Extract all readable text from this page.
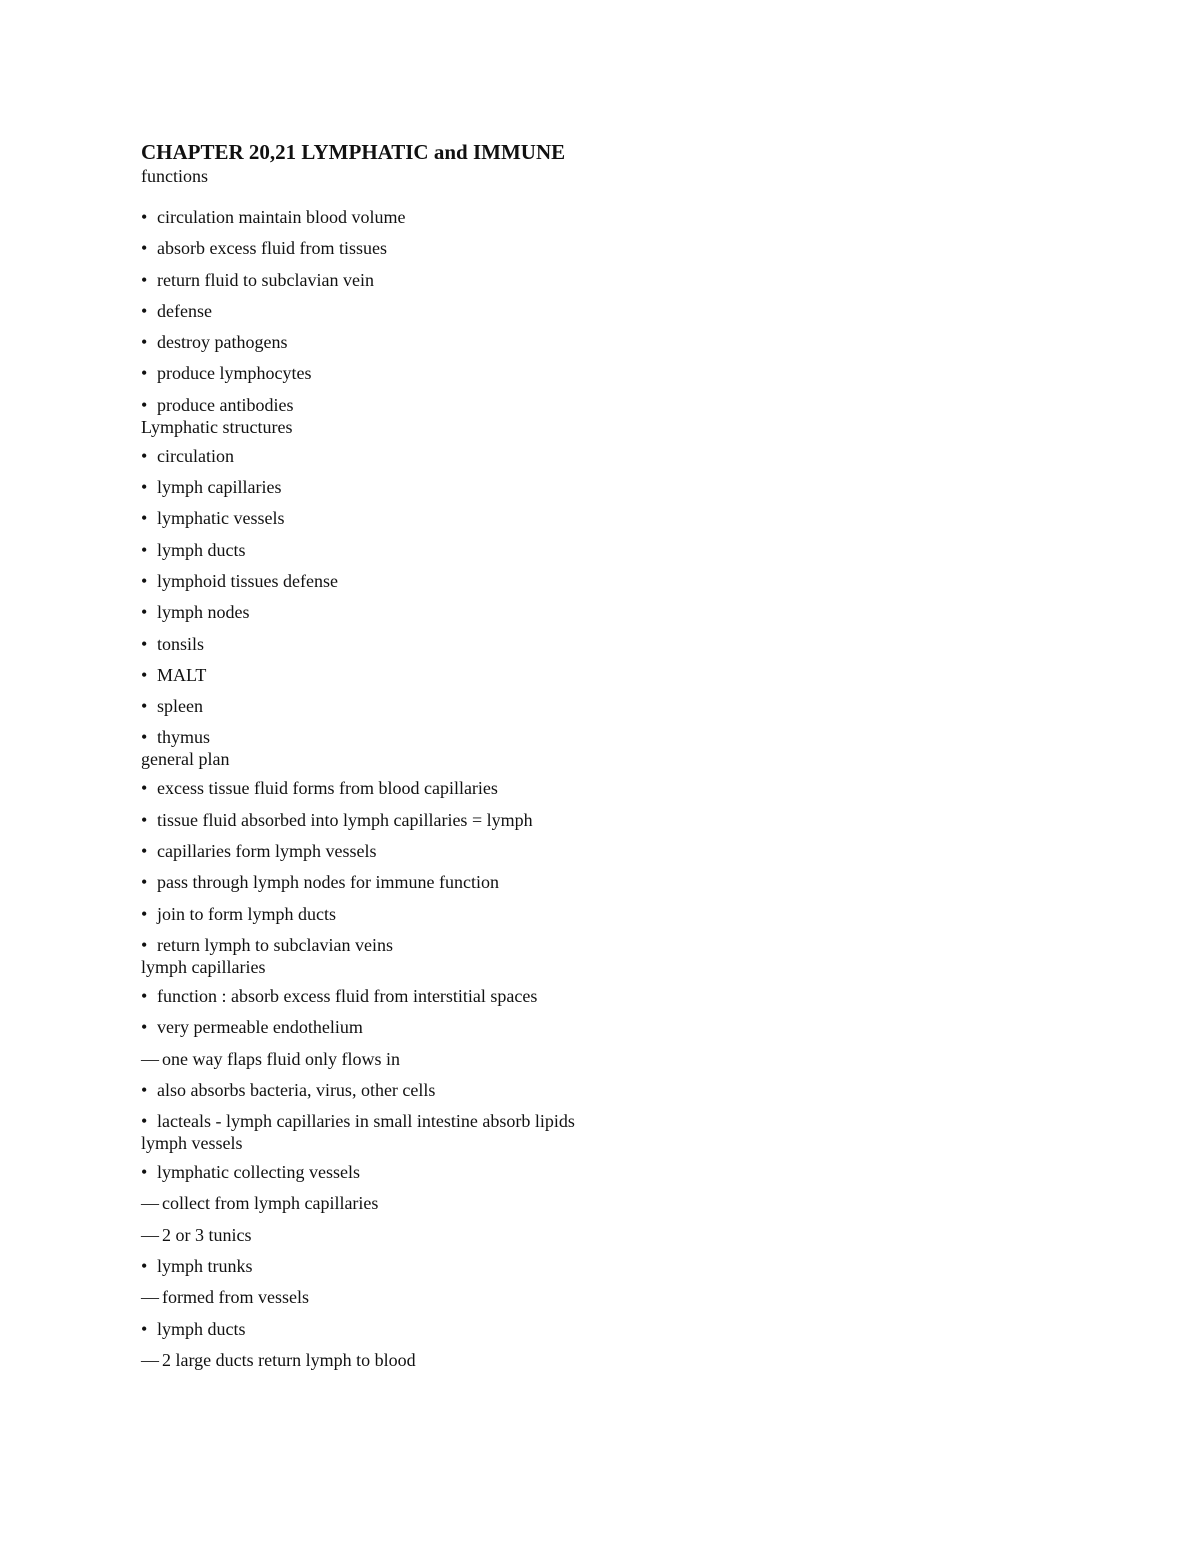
CHAPTER 20,21 LYMPHATIC and IMMUNE
functions
• circulation maintain blood volume
• absorb excess fluid from tissues
• return fluid to subclavian vein
• defense
• destroy pathogens
• produce lymphocytes
• produce antibodies
Lymphatic structures
• circulation
• lymph capillaries
• lymphatic vessels
• lymph ducts
• lymphoid tissues defense
• lymph nodes
• tonsils
• MALT
• spleen
• thymus
general plan
• excess tissue fluid forms from blood capillaries
• tissue fluid absorbed into lymph capillaries = lymph
• capillaries form lymph vessels
• pass through lymph nodes for immune function
• join to form lymph ducts
• return lymph to subclavian veins
lymph capillaries
• function : absorb excess fluid from interstitial spaces
• very permeable endothelium
— one way flaps fluid only flows in
• also absorbs bacteria, virus, other cells
• lacteals - lymph capillaries in small intestine absorb lipids
lymph vessels
• lymphatic collecting vessels
— collect from lymph capillaries
— 2 or 3 tunics
• lymph trunks
— formed from vessels
• lymph ducts
— 2 large ducts return lymph to blood
